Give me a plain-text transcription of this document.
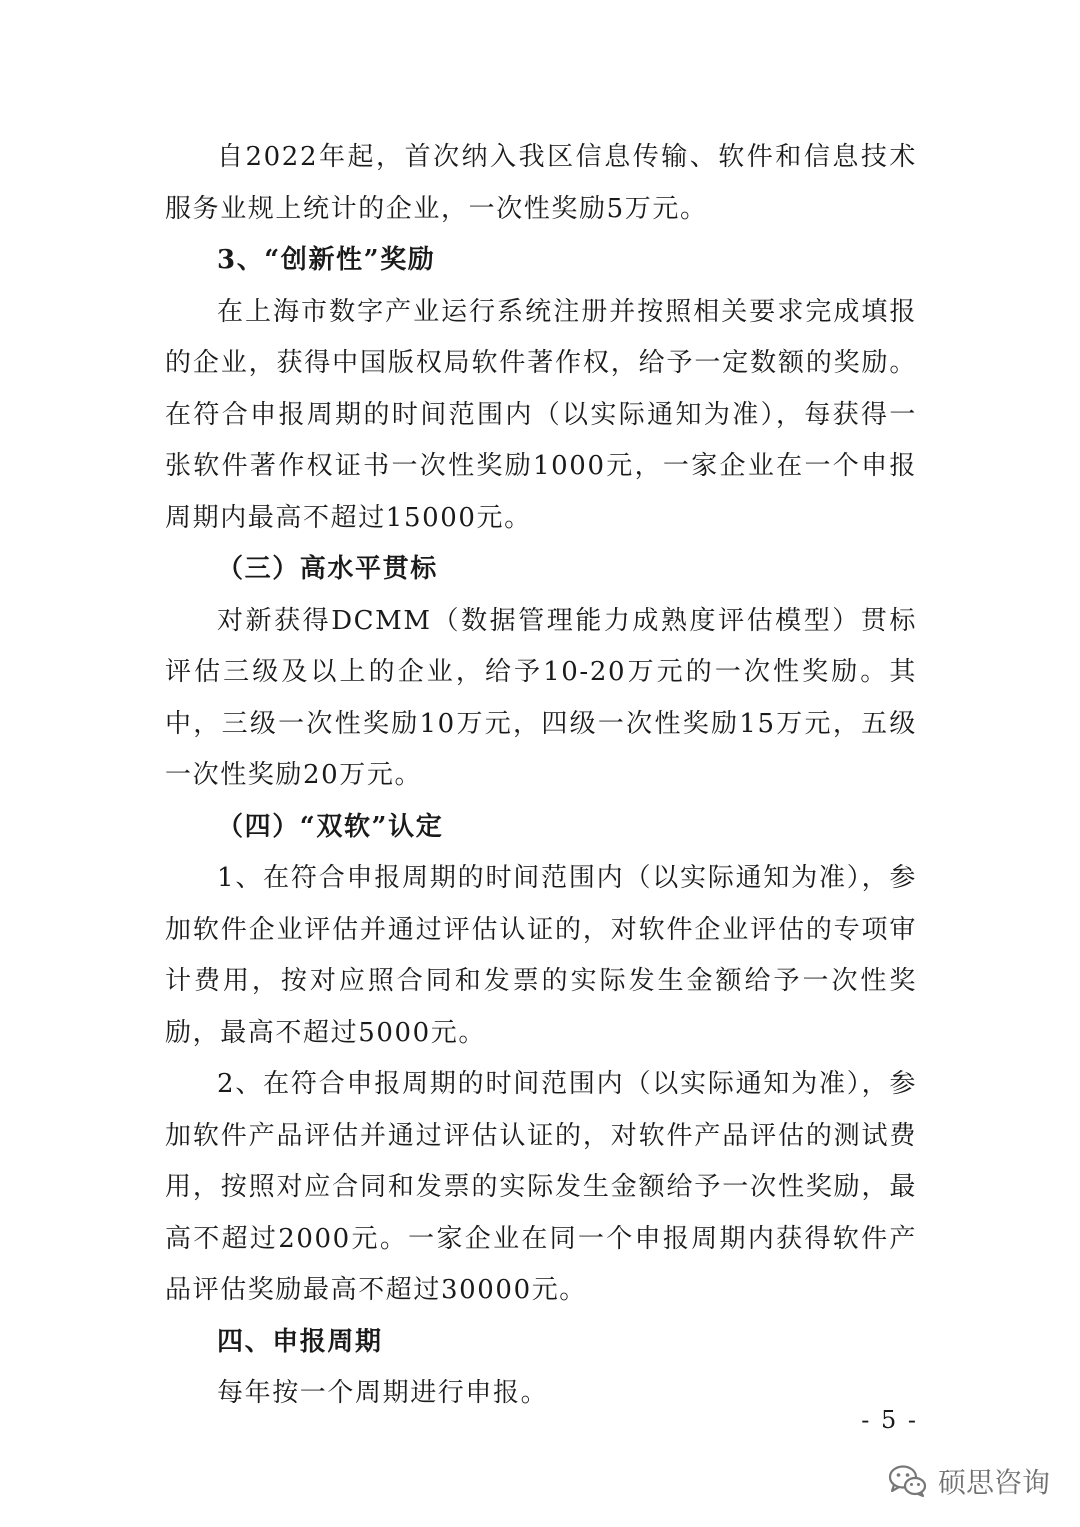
自2022年起，首次纳入我区信息传输、软件和信息技术服务业规上统计的企业，一次性奖励5万元。

3、“创新性”奖励

在上海市数字产业运行系统注册并按照相关要求完成填报的企业，获得中国版权局软件著作权，给予一定数额的奖励。在符合申报周期的时间范围内（以实际通知为准），每获得一张软件著作权证书一次性奖励1000元，一家企业在一个申报周期内最高不超过15000元。

（三）高水平贯标

对新获得DCMM（数据管理能力成熟度评估模型）贯标评估三级及以上的企业，给予10-20万元的一次性奖励。其中，三级一次性奖励10万元，四级一次性奖励15万元，五级一次性奖励20万元。

（四）“双软”认定

1、在符合申报周期的时间范围内（以实际通知为准），参加软件企业评估并通过评估认证的，对软件企业评估的专项审计费用，按对应照合同和发票的实际发生金额给予一次性奖励，最高不超过5000元。

2、在符合申报周期的时间范围内（以实际通知为准），参加软件产品评估并通过评估认证的，对软件产品评估的测试费用，按照对应合同和发票的实际发生金额给予一次性奖励，最高不超过2000元。一家企业在同一个申报周期内获得软件产品评估奖励最高不超过30000元。

四、申报周期

每年按一个周期进行申报。

- 5 -
硕思咨询
